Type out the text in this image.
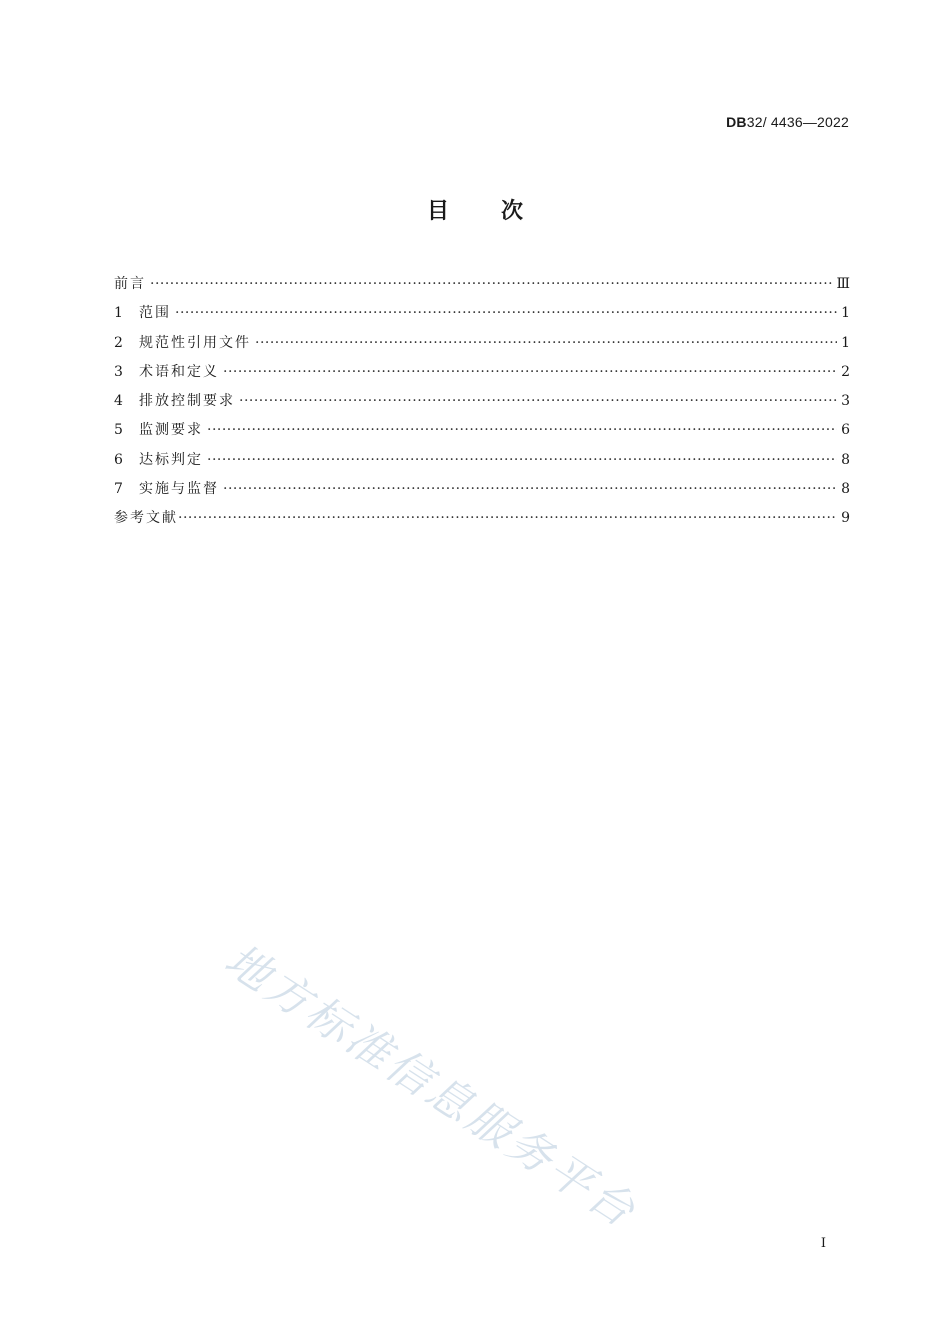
DB32/ 4436—2022
目 次
前言 ·····	Ⅲ
1	范围 ·····	1
2	规范性引用文件 ·····	1
3	术语和定义 ·····	2
4	排放控制要求 ·····	3
5	监测要求 ·····	6
6	达标判定 ·····	8
7	实施与监督 ·····	8
参考文献 ·····	9
地方标准信息服务平台
I
